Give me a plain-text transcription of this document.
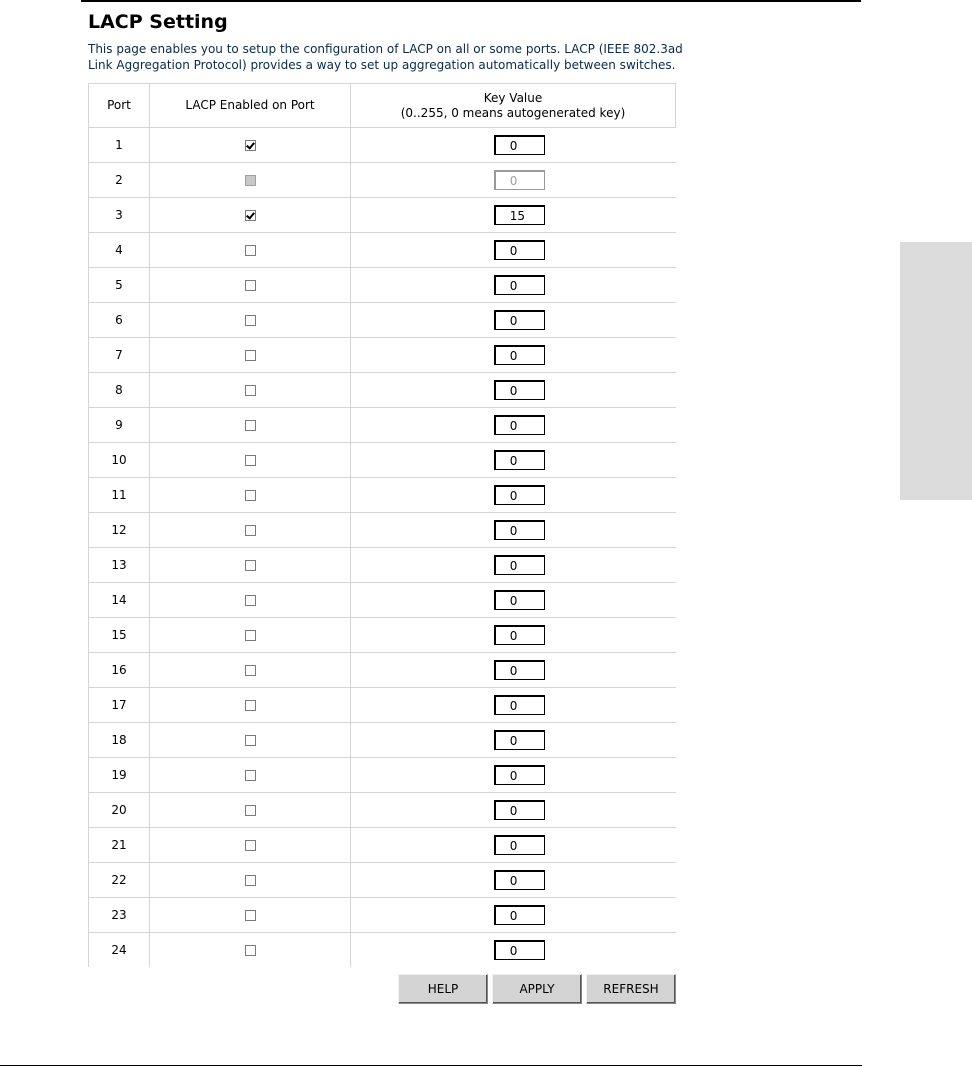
LACP Setting

This page enables you to setup the configuration of LACP on all or some ports. LACP (IEEE 802.3ad Link Aggregation Protocol) provides a way to set up aggregation automatically between switches.

Port	LACP Enabled on Port	Key Value
(0..255, 0 means autogenerated key)
1		0
2		0
3		15
4		0
5		0
6		0
7		0
8		0
9		0
10		0
11		0
12		0
13		0
14		0
15		0
16		0
17		0
18		0
19		0
20		0
21		0
22		0
23		0
24		0
HELP	APPLY	REFRESH
